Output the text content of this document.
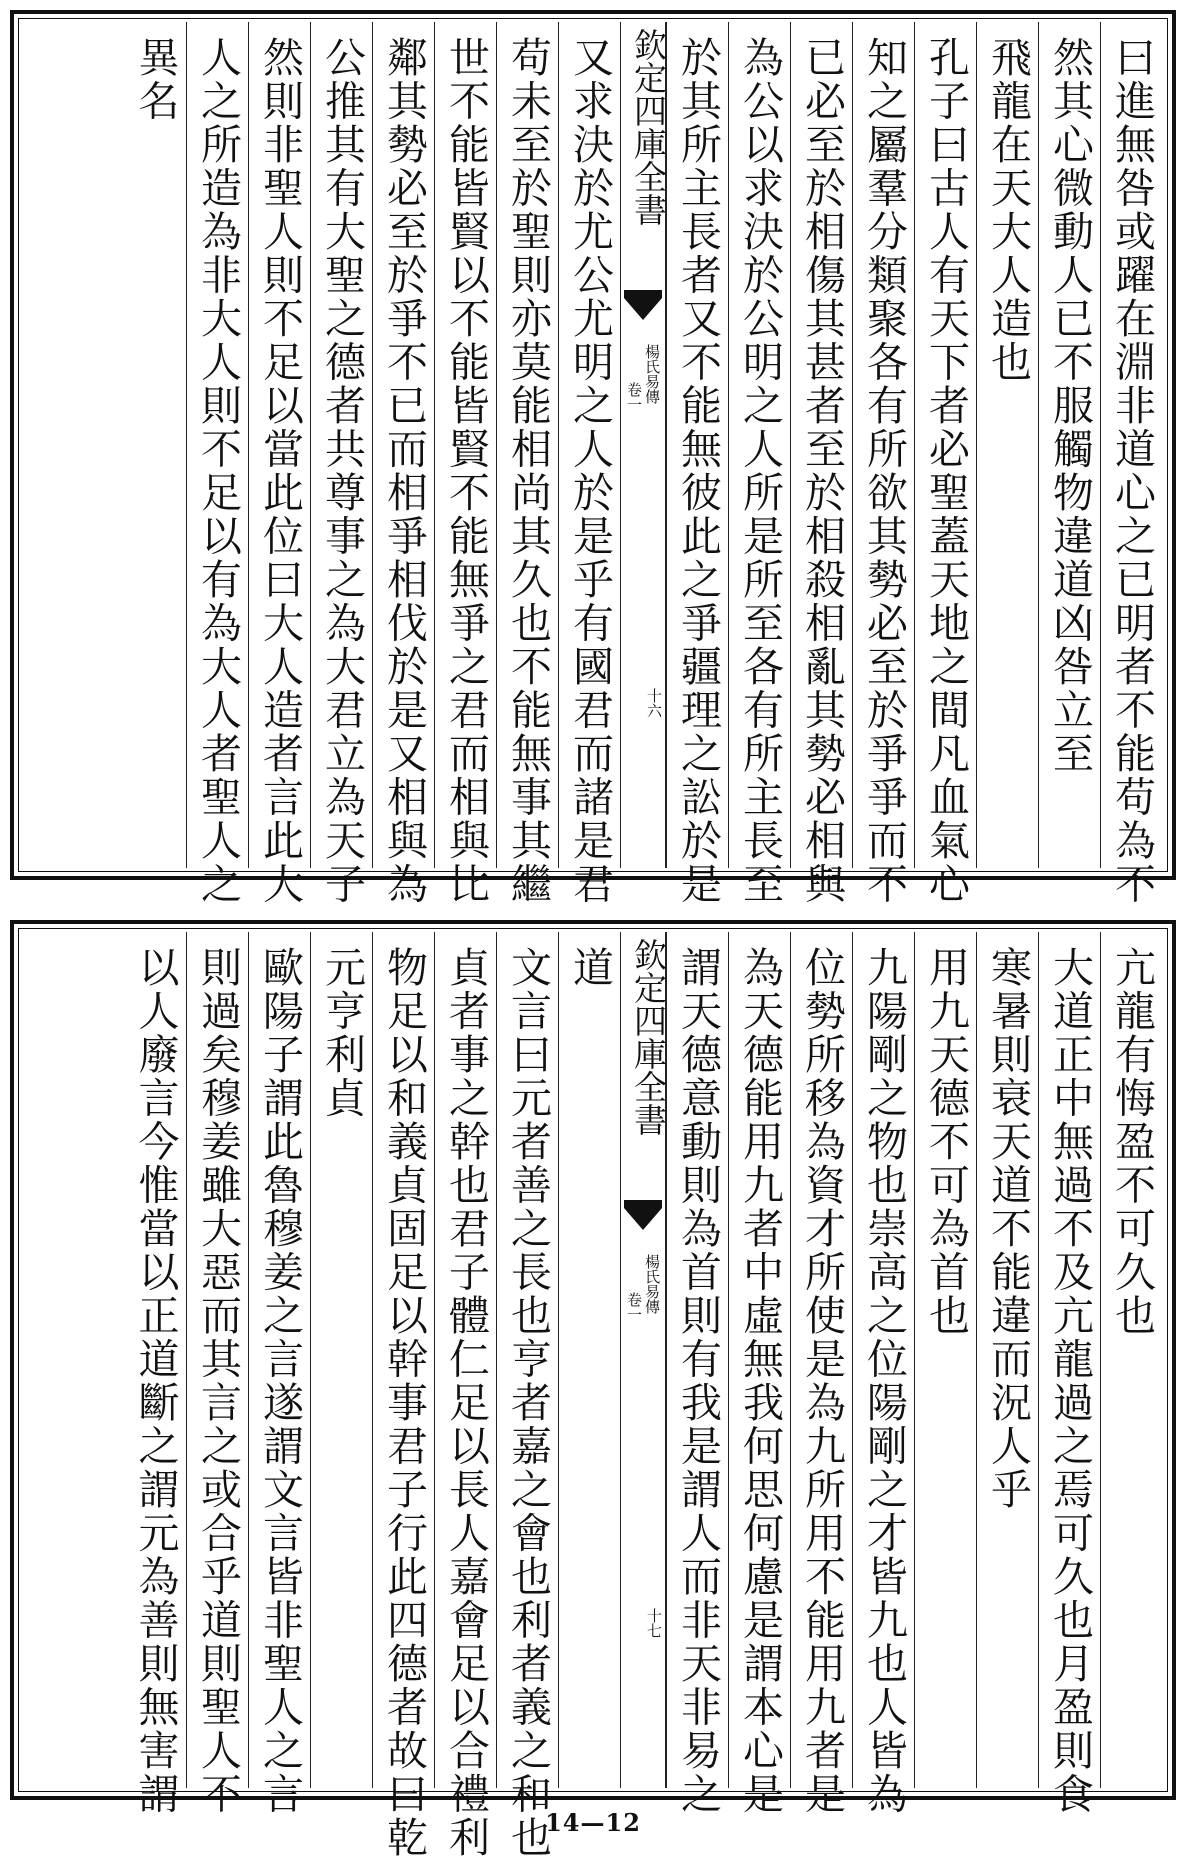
曰進無咎或躍在淵非道心之已明者不能苟為不
然其心微動人已不服觸物違道凶咎立至
飛龍在天大人造也
孔子曰古人有天下者必聖蓋天地之間凡血氣心
知之屬羣分類聚各有所欲其勢必至於爭爭而不
已必至於相傷其甚者至於相殺相亂其勢必相與
為公以求決於公明之人所是所至各有所主長至
於其所主長者又不能無彼此之爭疆理之訟於是
欽定四庫全書
楊氏易傳
卷一
十六
又求決於尤公尤明之人於是乎有國君而諸是君
苟未至於聖則亦莫能相尚其久也不能無事其繼
世不能皆賢以不能皆賢不能無爭之君而相與比
鄰其勢必至於爭不已而相爭相伐於是又相與為
公推其有大聖之德者共尊事之為大君立為天子
然則非聖人則不足以當此位曰大人造者言此大
人之所造為非大人則不足以有為大人者聖人之
異名
亢龍有悔盈不可久也
大道正中無過不及亢龍過之焉可久也月盈則食
寒暑則衰天道不能違而況人乎
用九天德不可為首也
九陽剛之物也崇高之位陽剛之才皆九也人皆為
位勢所移為資才所使是為九所用不能用九者是
為天德能用九者中虛無我何思何慮是謂本心是
謂天德意動則為首則有我是謂人而非天非易之
欽定四庫全書
楊氏易傳
卷一
十七
道
文言曰元者善之長也亨者嘉之會也利者義之和也
貞者事之幹也君子體仁足以長人嘉會足以合禮利
物足以和義貞固足以幹事君子行此四德者故曰乾
元亨利貞
歐陽子謂此魯穆姜之言遂謂文言皆非聖人之言
則過矣穆姜雖大惡而其言之或合乎道則聖人不
以人廢言今惟當以正道斷之謂元為善則無害謂
14—12
